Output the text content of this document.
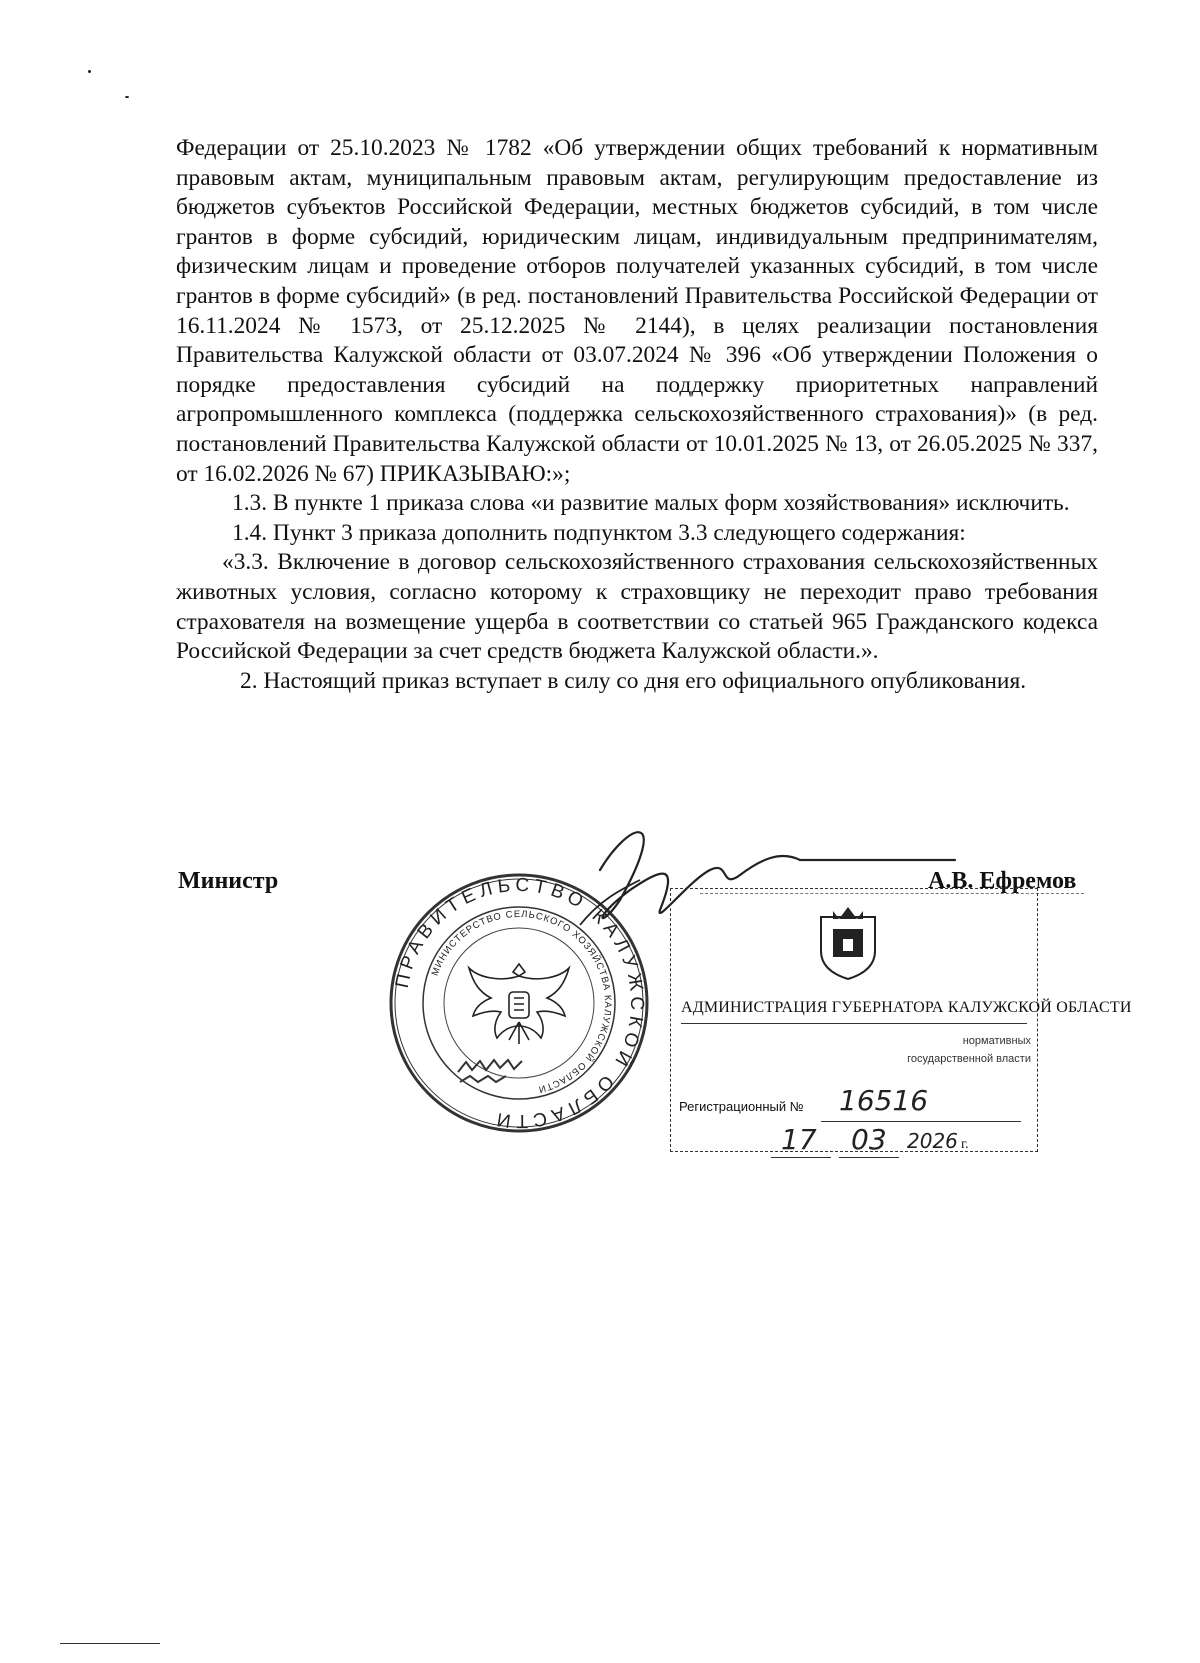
Федерации от 25.10.2023 № 1782 «Об утверждении общих требований к нормативным правовым актам, муниципальным правовым актам, регулирующим предоставление из бюджетов субъектов Российской Федерации, местных бюджетов субсидий, в том числе грантов в форме субсидий, юридическим лицам, индивидуальным предпринимателям, физическим лицам и проведение отборов получателей указанных субсидий, в том числе грантов в форме субсидий» (в ред. постановлений Правительства Российской Федерации от 16.11.2024 № 1573, от 25.12.2025 № 2144), в целях реализации постановления Правительства Калужской области от 03.07.2024 № 396 «Об утверждении Положения о порядке предоставления субсидий на поддержку приоритетных направлений агропромышленного комплекса (поддержка сельскохозяйственного страхования)» (в ред. постановлений Правительства Калужской области от 10.01.2025 № 13, от 26.05.2025 № 337, от 16.02.2026 № 67) ПРИКАЗЫВАЮ:»;

1.3. В пункте 1 приказа слова «и развитие малых форм хозяйствования» исключить.

1.4. Пункт 3 приказа дополнить подпунктом 3.3 следующего содержания:

«3.3. Включение в договор сельскохозяйственного страхования сельскохозяйственных животных условия, согласно которому к страховщику не переходит право требования страхователя на возмещение ущерба в соответствии со статьей 965 Гражданского кодекса Российской Федерации за счет средств бюджета Калужской области.».

2. Настоящий приказ вступает в силу со дня его официального опубликования.

Министр	А.В. Ефремов
ПРАВИТЕЛЬСТВО КАЛУЖСКОЙ ОБЛАСТИ
МИНИСТЕРСТВО СЕЛЬСКОГО ХОЗЯЙСТВА КАЛУЖСКОЙ ОБЛАСТИ
АДМИНИСТРАЦИЯ ГУБЕРНАТОРА КАЛУЖСКОЙ ОБЛАСТИ
нормативных
государственной власти
Регистрационный № 16516
17 03 2026 г.
